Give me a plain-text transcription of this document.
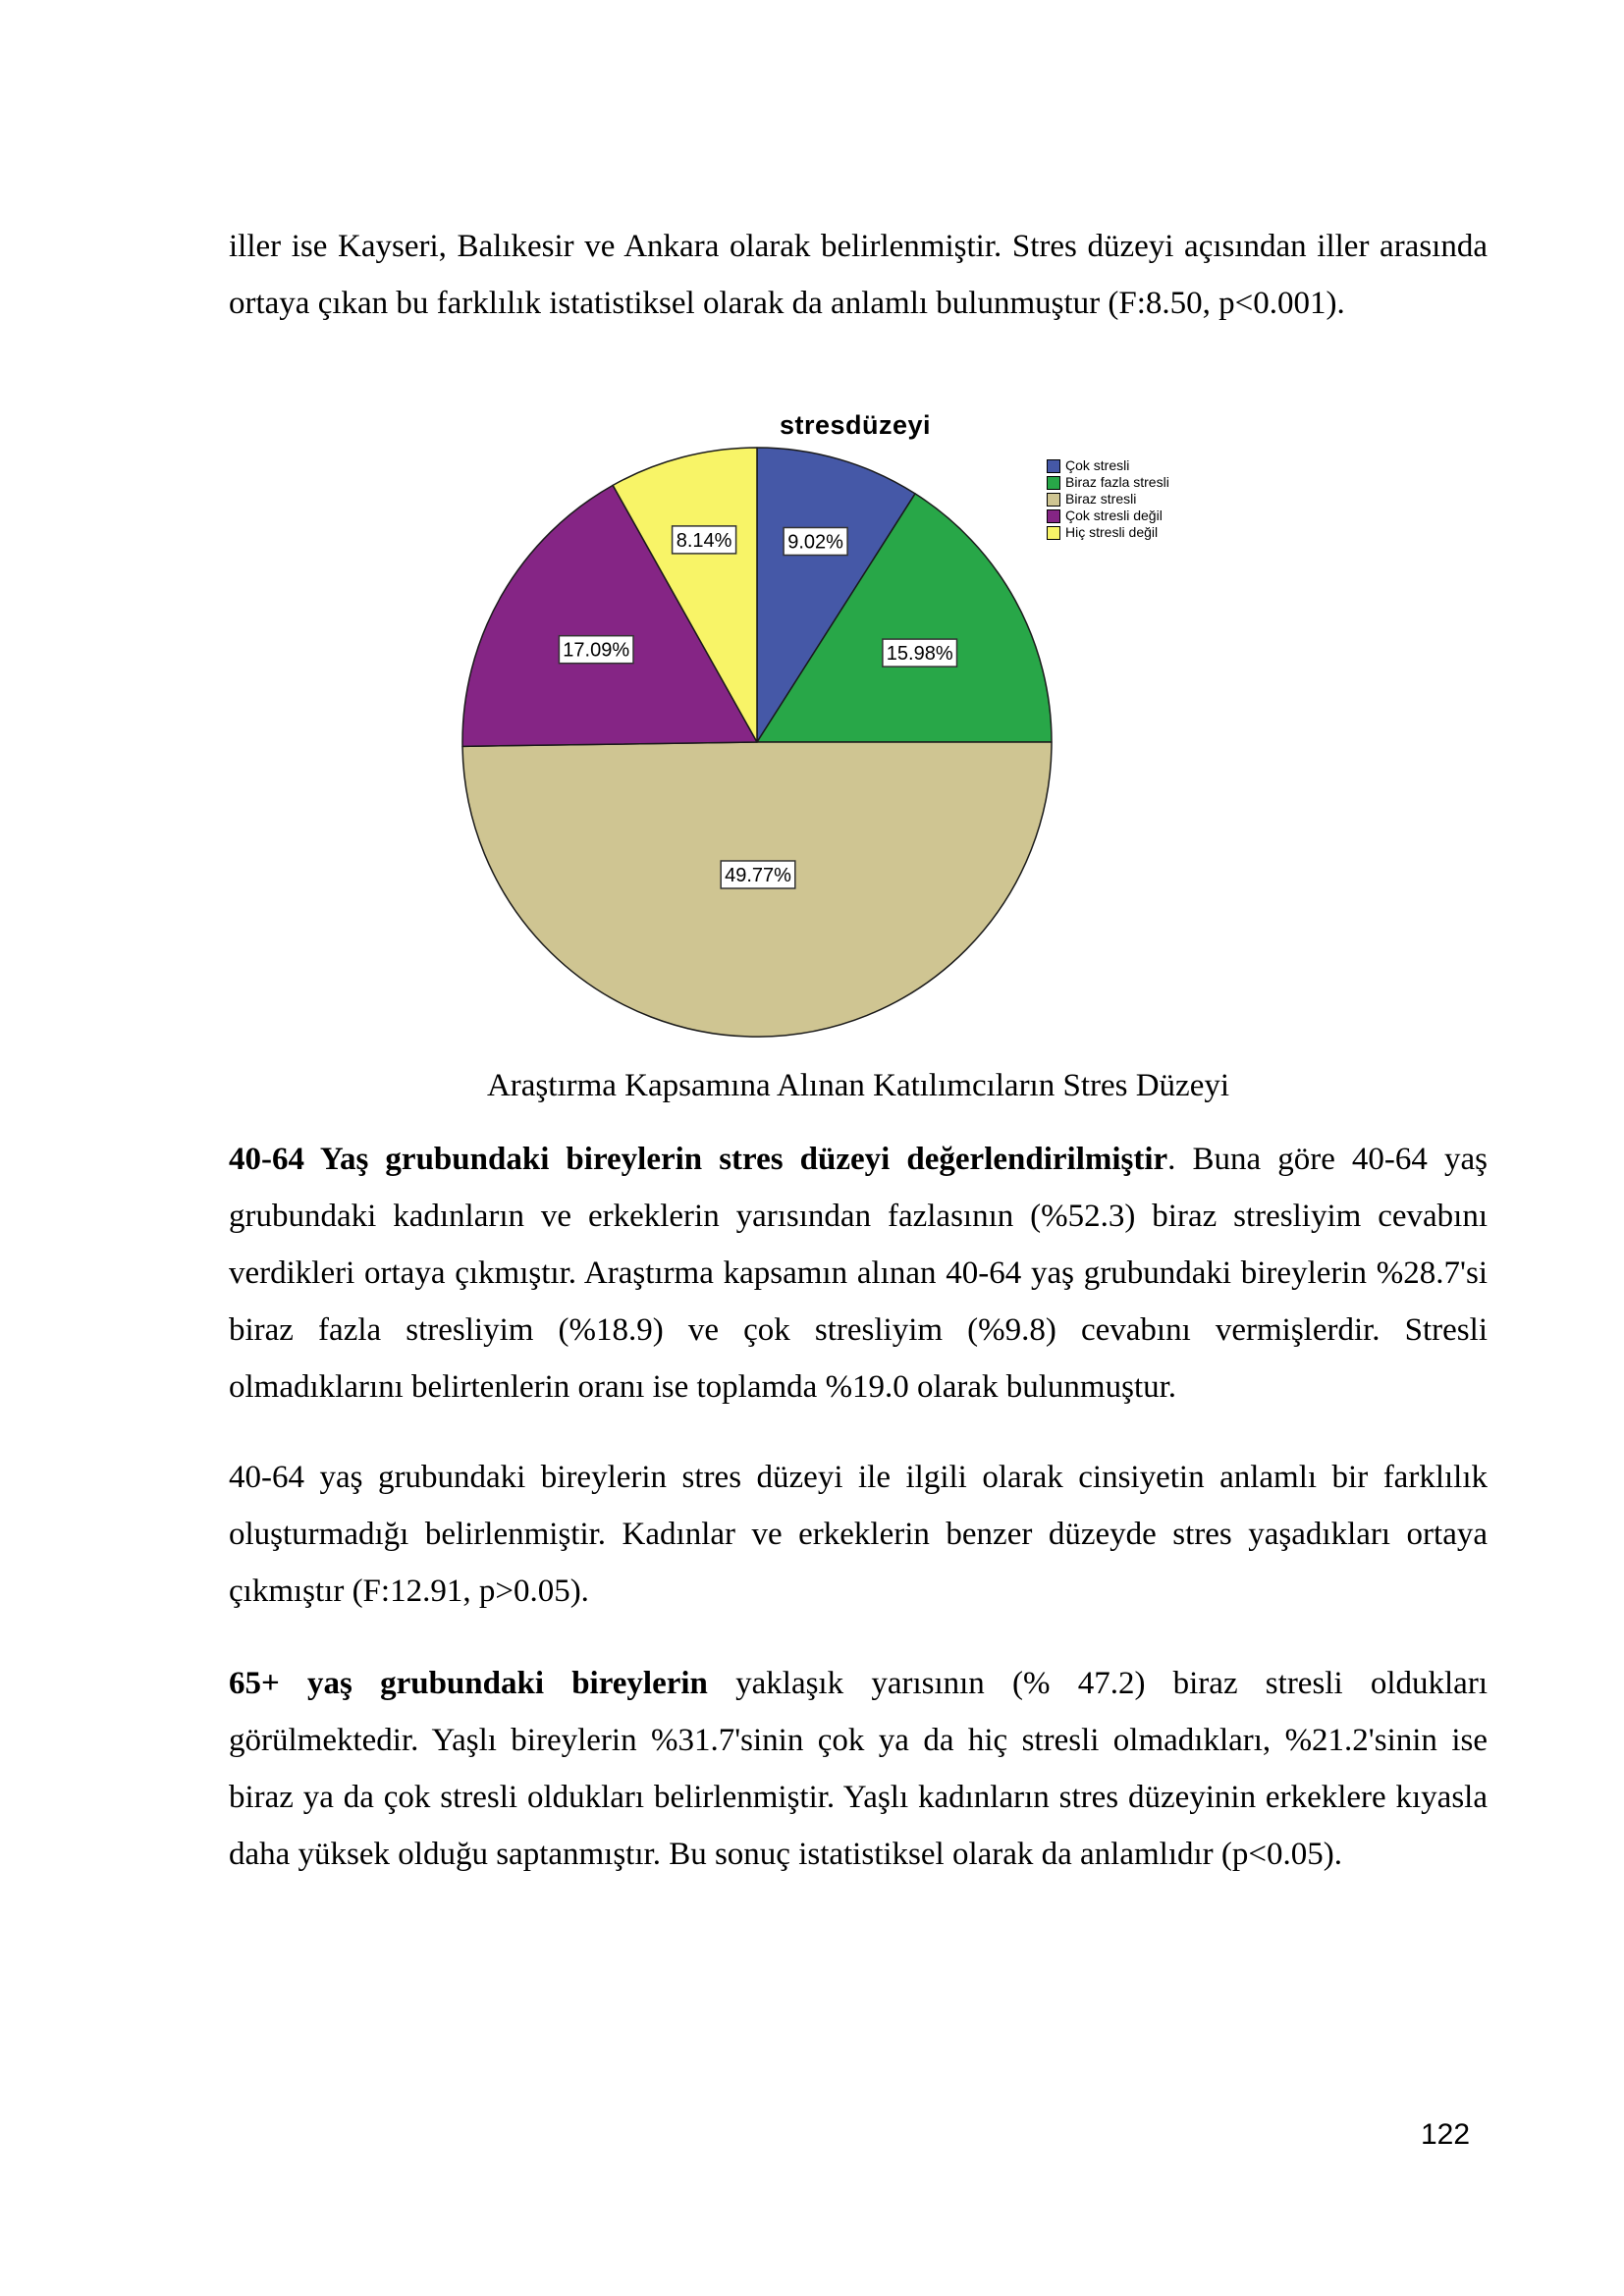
iller ise Kayseri, Balıkesir ve Ankara olarak belirlenmiştir. Stres düzeyi açısından iller arasında ortaya çıkan bu farklılık istatistiksel olarak da anlamlı bulunmuştur (F:8.50, p<0.001).

stresdüzeyi
9.02%
15.98%
49.77%
17.09%
8.14%
Çok stresli
Biraz fazla stresli
Biraz stresli
Çok stresli değil
Hiç stresli değil

Araştırma Kapsamına Alınan Katılımcıların Stres Düzeyi

40-64 Yaş grubundaki bireylerin stres düzeyi değerlendirilmiştir. Buna göre 40-64 yaş grubundaki kadınların ve erkeklerin yarısından fazlasının (%52.3) biraz stresliyim cevabını verdikleri ortaya çıkmıştır. Araştırma kapsamın alınan 40-64 yaş grubundaki bireylerin %28.7'si biraz fazla stresliyim (%18.9) ve çok stresliyim (%9.8) cevabını vermişlerdir. Stresli olmadıklarını belirtenlerin oranı ise toplamda %19.0 olarak bulunmuştur.

40-64 yaş grubundaki bireylerin stres düzeyi ile ilgili olarak cinsiyetin anlamlı bir farklılık oluşturmadığı belirlenmiştir. Kadınlar ve erkeklerin benzer düzeyde stres yaşadıkları ortaya çıkmıştır (F:12.91, p>0.05).

65+ yaş grubundaki bireylerin yaklaşık yarısının (% 47.2) biraz stresli oldukları görülmektedir. Yaşlı bireylerin %31.7'sinin çok ya da hiç stresli olmadıkları, %21.2'sinin ise biraz ya da çok stresli oldukları belirlenmiştir. Yaşlı kadınların stres düzeyinin erkeklere kıyasla daha yüksek olduğu saptanmıştır. Bu sonuç istatistiksel olarak da anlamlıdır (p<0.05).

122
